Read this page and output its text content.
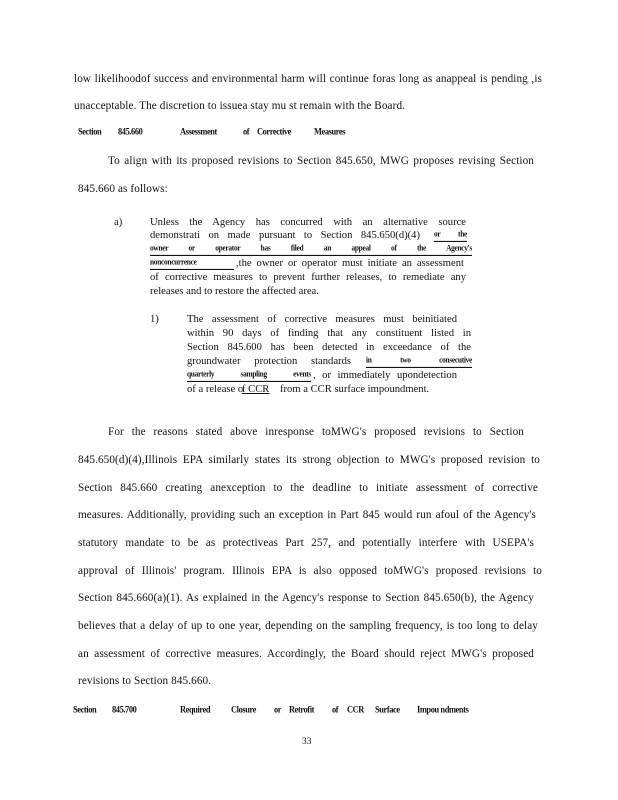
low likelihoodof success and environmental harm will continue foras long as anappeal is pending ,is
unacceptable. The discretion to issuea stay mu st remain with the Board.
Section 845.660	Assessment	of Corrective	Measures
To align with its proposed revisions to Section 845.650, MWG proposes revising Section
845.660 as follows:
a)	Unless the Agency has concurred with an alternative source
demonstrati on made pursuant to Section 845.650(d)(4) or the
owner or operator has filed an appeal of the Agency's
nonconcurrence	,the owner or operator must initiate an assessment
of corrective measures to prevent further releases, to remediate any
releases and to restore the affected area.
1)	The assessment of corrective measures must beinitiated
within 90 days of finding that any constituent listed in
Section 845.600 has been detected in exceedance of the
groundwater protection standards in two consecutive
quarterly sampling events , or immediately upondetection
of a release o
f CCR from a CCR surface impoundment.
For the reasons stated above inresponse toMWG's proposed revisions to Section
845.650(d)(4),Illinois EPA similarly states its strong objection to MWG's proposed revision to
Section 845.660 creating anexception to the deadline to initiate assessment of corrective
measures. Additionally, providing such an exception in Part 845 would run afoul of the Agency's
statutory mandate to be as protectiveas Part 257, and potentially interfere with USEPA's
approval of Illinois' program. Illinois EPA is also opposed toMWG's proposed revisions to
Section 845.660(a)(1). As explained in the Agency's response to Section 845.650(b), the Agency
believes that a delay of up to one year, depending on the sampling frequency, is too long to delay
an assessment of corrective measures. Accordingly, the Board should reject MWG's proposed
revisions to Section 845.660.
Section 845.700	Required Closure or Retrofit of CCR Surface Impou ndments
33
